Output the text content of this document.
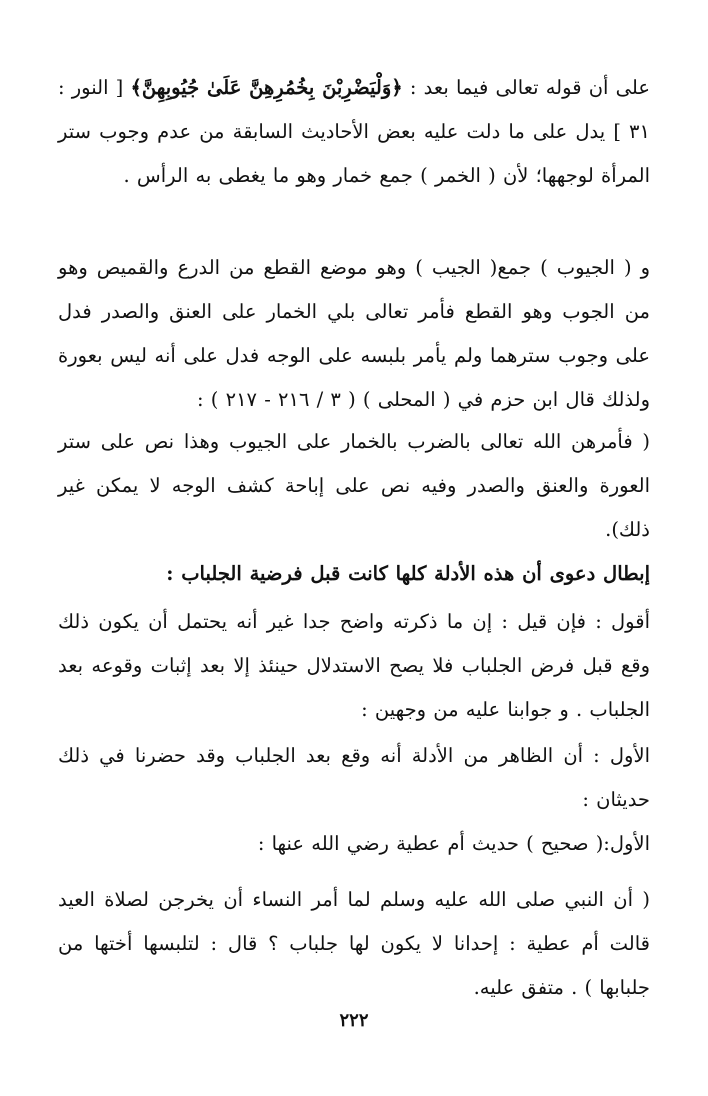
على أن قوله تعالى فيما بعد : ﴿وَلْيَضْرِبْنَ بِخُمُرِهِنَّ عَلَىٰ جُيُوبِهِنَّ﴾ [ النور : ٣١ ] يدل على ما دلت عليه بعض الأحاديث السابقة من عدم وجوب ستر المرأة لوجهها؛ لأن ( الخمر ) جمع خمار وهو ما يغطى به الرأس .

و ( الجيوب ) جمع( الجيب ) وهو موضع القطع من الدرع والقميص وهو من الجوب وهو القطع فأمر تعالى بلي الخمار على العنق والصدر فدل على وجوب سترهما ولم يأمر بلبسه على الوجه فدل على أنه ليس بعورة ولذلك قال ابن حزم في ( المحلى ) ( ٣ / ٢١٦ - ٢١٧ ) :

( فأمرهن الله تعالى بالضرب بالخمار على الجيوب وهذا نص على ستر العورة والعنق والصدر وفيه نص على إباحة كشف الوجه لا يمكن غير ذلك).

إبطال دعوى أن هذه الأدلة كلها كانت قبل فرضية الجلباب :

أقول : فإن قيل : إن ما ذكرته واضح جدا غير أنه يحتمل أن يكون ذلك وقع قبل فرض الجلباب فلا يصح الاستدلال حينئذ إلا بعد إثبات وقوعه بعد الجلباب . و جوابنا عليه من وجهين :

الأول : أن الظاهر من الأدلة أنه وقع بعد الجلباب وقد حضرنا في ذلك حديثان :

الأول:( صحيح ) حديث أم عطية رضي الله عنها :

( أن النبي صلى الله عليه وسلم لما أمر النساء أن يخرجن لصلاة العيد قالت أم عطية : إحدانا لا يكون لها جلباب ؟ قال : لتلبسها أختها من جلبابها ) . متفق عليه.

٢٢٢
